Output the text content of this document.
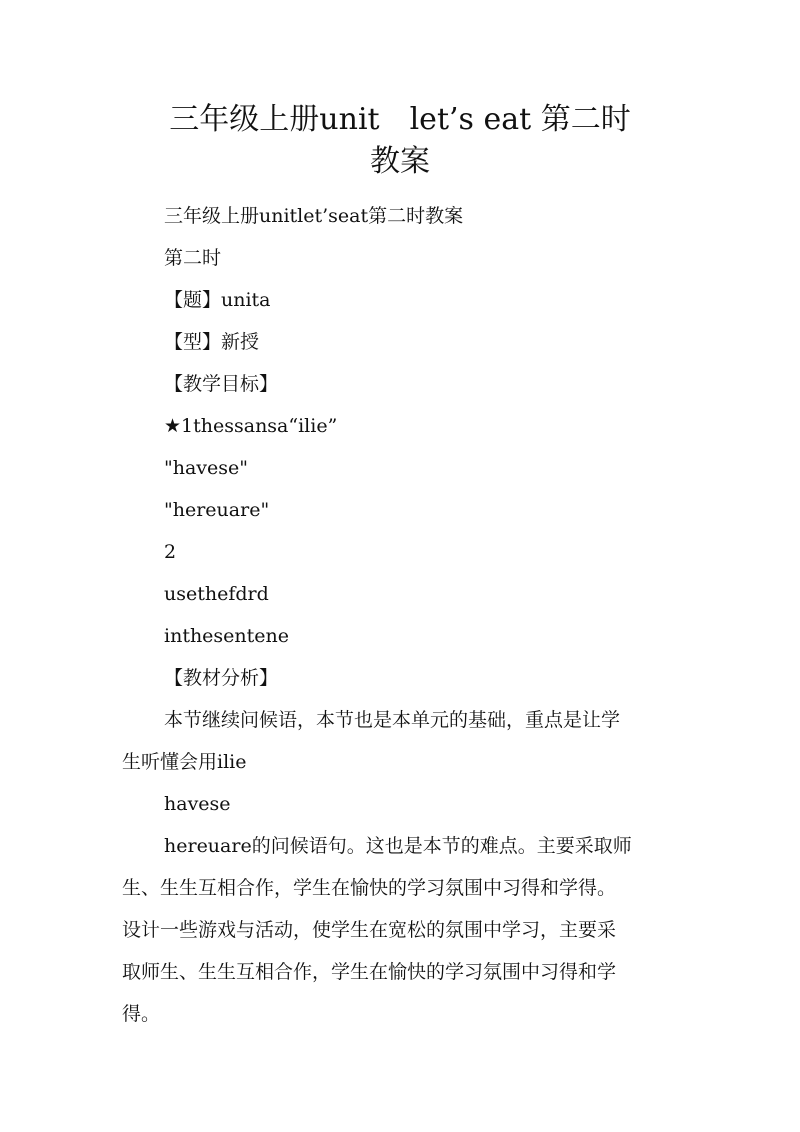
三年级上册unit　let’s eat 第二时
教案

三年级上册unitlet’seat第二时教案

第二时

【题】unita

【型】新授

【教学目标】

★1thessansa“ilie”

"havese"

"hereuare"

2

usethefdrd

inthesentene

【教材分析】

本节继续问候语，本节也是本单元的基础，重点是让学

生听懂会用ilie

havese

hereuare的问候语句。这也是本节的难点。主要采取师

生、生生互相合作，学生在愉快的学习氛围中习得和学得。

设计一些游戏与活动，使学生在宽松的氛围中学习，主要采

取师生、生生互相合作，学生在愉快的学习氛围中习得和学

得。
